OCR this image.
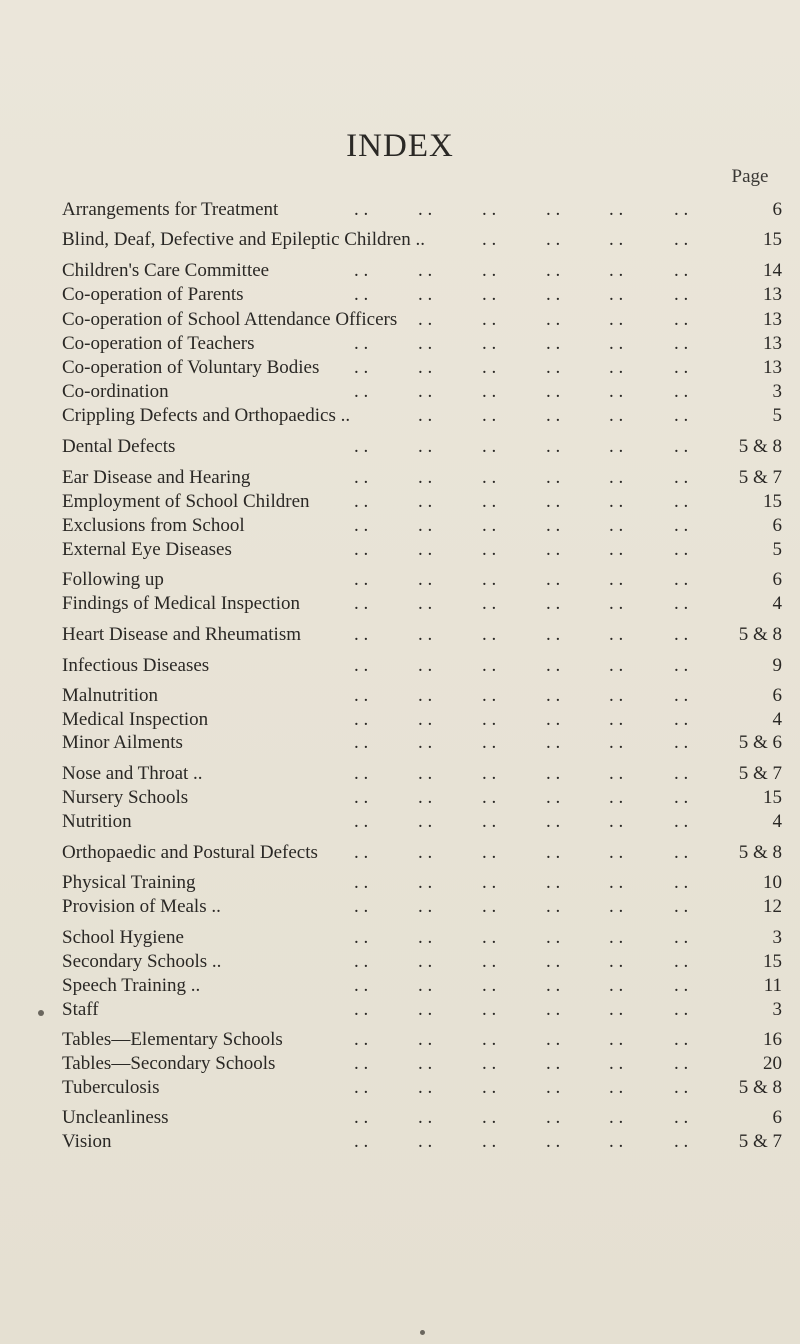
INDEX
Page
Arrangements for Treatment	6
. .	. .	. .	. .	. .	. .
Blind, Deaf, Defective and Epileptic Children ..	15
. .	. .	. .	. .
Children's Care Committee	14
. .	. .	. .	. .	. .	. .
Co-operation of Parents	13
. .	. .	. .	. .	. .	. .
Co-operation of School Attendance Officers	13
. .	. .	. .	. .	. .
Co-operation of Teachers	13
. .	. .	. .	. .	. .	. .
Co-operation of Voluntary Bodies	13
. .	. .	. .	. .	. .	. .
Co-ordination	3
. .	. .	. .	. .	. .	. .
Crippling Defects and Orthopaedics ..	5
. .	. .	. .	. .	. .
Dental Defects	5 & 8
. .	. .	. .	. .	. .	. .
Ear Disease and Hearing	5 & 7
. .	. .	. .	. .	. .	. .
Employment of School Children	15
. .	. .	. .	. .	. .	. .
Exclusions from School	6
. .	. .	. .	. .	. .	. .
External Eye Diseases	5
. .	. .	. .	. .	. .	. .
Following up	6
. .	. .	. .	. .	. .	. .
Findings of Medical Inspection	4
. .	. .	. .	. .	. .	. .
Heart Disease and Rheumatism	5 & 8
. .	. .	. .	. .	. .	. .
Infectious Diseases	9
. .	. .	. .	. .	. .	. .
Malnutrition	6
. .	. .	. .	. .	. .	. .
Medical Inspection	4
. .	. .	. .	. .	. .	. .
Minor Ailments	5 & 6
. .	. .	. .	. .	. .	. .
Nose and Throat ..	5 & 7
. .	. .	. .	. .	. .	. .
Nursery Schools	15
. .	. .	. .	. .	. .	. .
Nutrition	4
. .	. .	. .	. .	. .	. .
Orthopaedic and Postural Defects	5 & 8
. .	. .	. .	. .	. .	. .
Physical Training	10
. .	. .	. .	. .	. .	. .
Provision of Meals ..	12
. .	. .	. .	. .	. .	. .
School Hygiene	3
. .	. .	. .	. .	. .	. .
Secondary Schools ..	15
. .	. .	. .	. .	. .	. .
Speech Training ..	11
. .	. .	. .	. .	. .	. .
Staff	3
. .	. .	. .	. .	. .	. .
Tables—Elementary Schools	16
. .	. .	. .	. .	. .	. .
Tables—Secondary Schools	20
. .	. .	. .	. .	. .	. .
Tuberculosis	5 & 8
. .	. .	. .	. .	. .	. .
Uncleanliness	6
. .	. .	. .	. .	. .	. .
Vision	5 & 7
. .	. .	. .	. .	. .	. .
